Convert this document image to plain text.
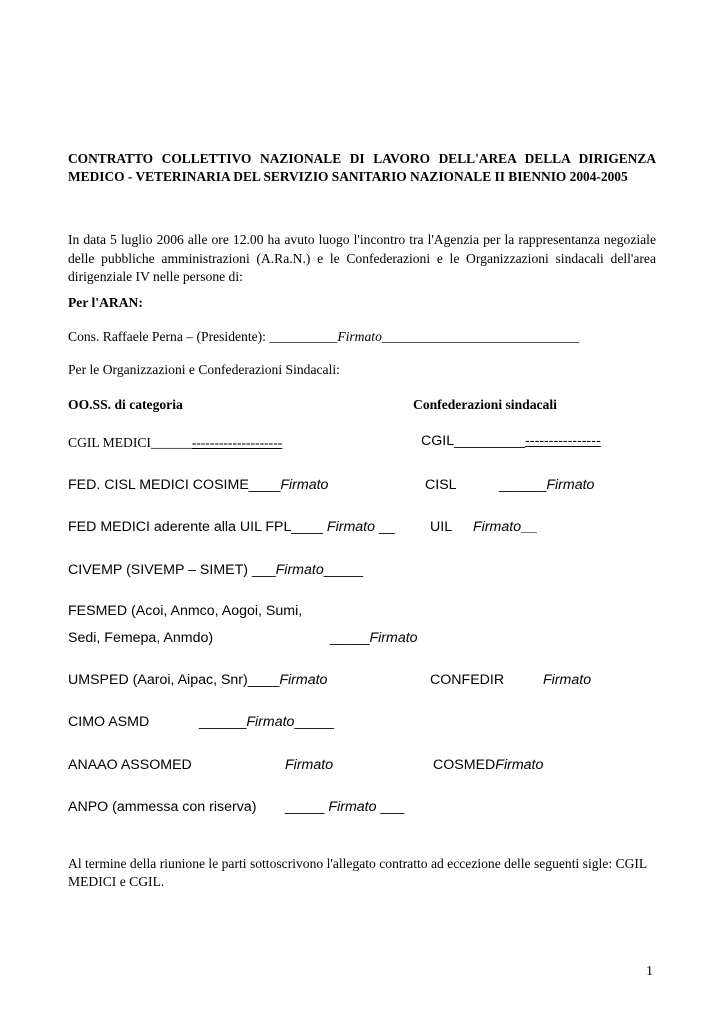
CONTRATTO COLLETTIVO NAZIONALE DI LAVORO DELL'AREA DELLA DIRIGENZA MEDICO - VETERINARIA DEL SERVIZIO SANITARIO NAZIONALE II BIENNIO 2004-2005
In data 5 luglio 2006 alle ore 12.00 ha avuto luogo l'incontro tra l'Agenzia per la rappresentanza negoziale delle pubbliche amministrazioni (A.Ra.N.) e le Confederazioni e le Organizzazioni sindacali dell'area dirigenziale IV nelle persone di:
Per l'ARAN:
Cons. Raffaele Perna – (Presidente): __________Firmato_____________________________
Per le Organizzazioni e Confederazioni Sindacali:
OO.SS. di categoria	Confederazioni sindacali
CGIL MEDICI______--------------------	CGIL_________----------------
FED. CISL MEDICI COSIME____Firmato	CISL	______Firmato
FED MEDICI aderente alla UIL FPL____ Firmato __ UIL Firmato__
CIVEMP (SIVEMP – SIMET) ___Firmato_____
FESMED (Acoi, Anmco, Aogoi, Sumi,
Sedi, Femepa, Anmdo)	_____Firmato
UMSPED (Aaroi, Aipac, Snr)____Firmato	CONFEDIR	Firmato
CIMO ASMD	______Firmato_____
ANAAO ASSOMED	Firmato	COSMEDFirmato
ANPO (ammessa con riserva) _____ Firmato ___
Al termine della riunione le parti sottoscrivono l'allegato contratto ad eccezione delle seguenti sigle: CGIL MEDICI e CGIL.
1
